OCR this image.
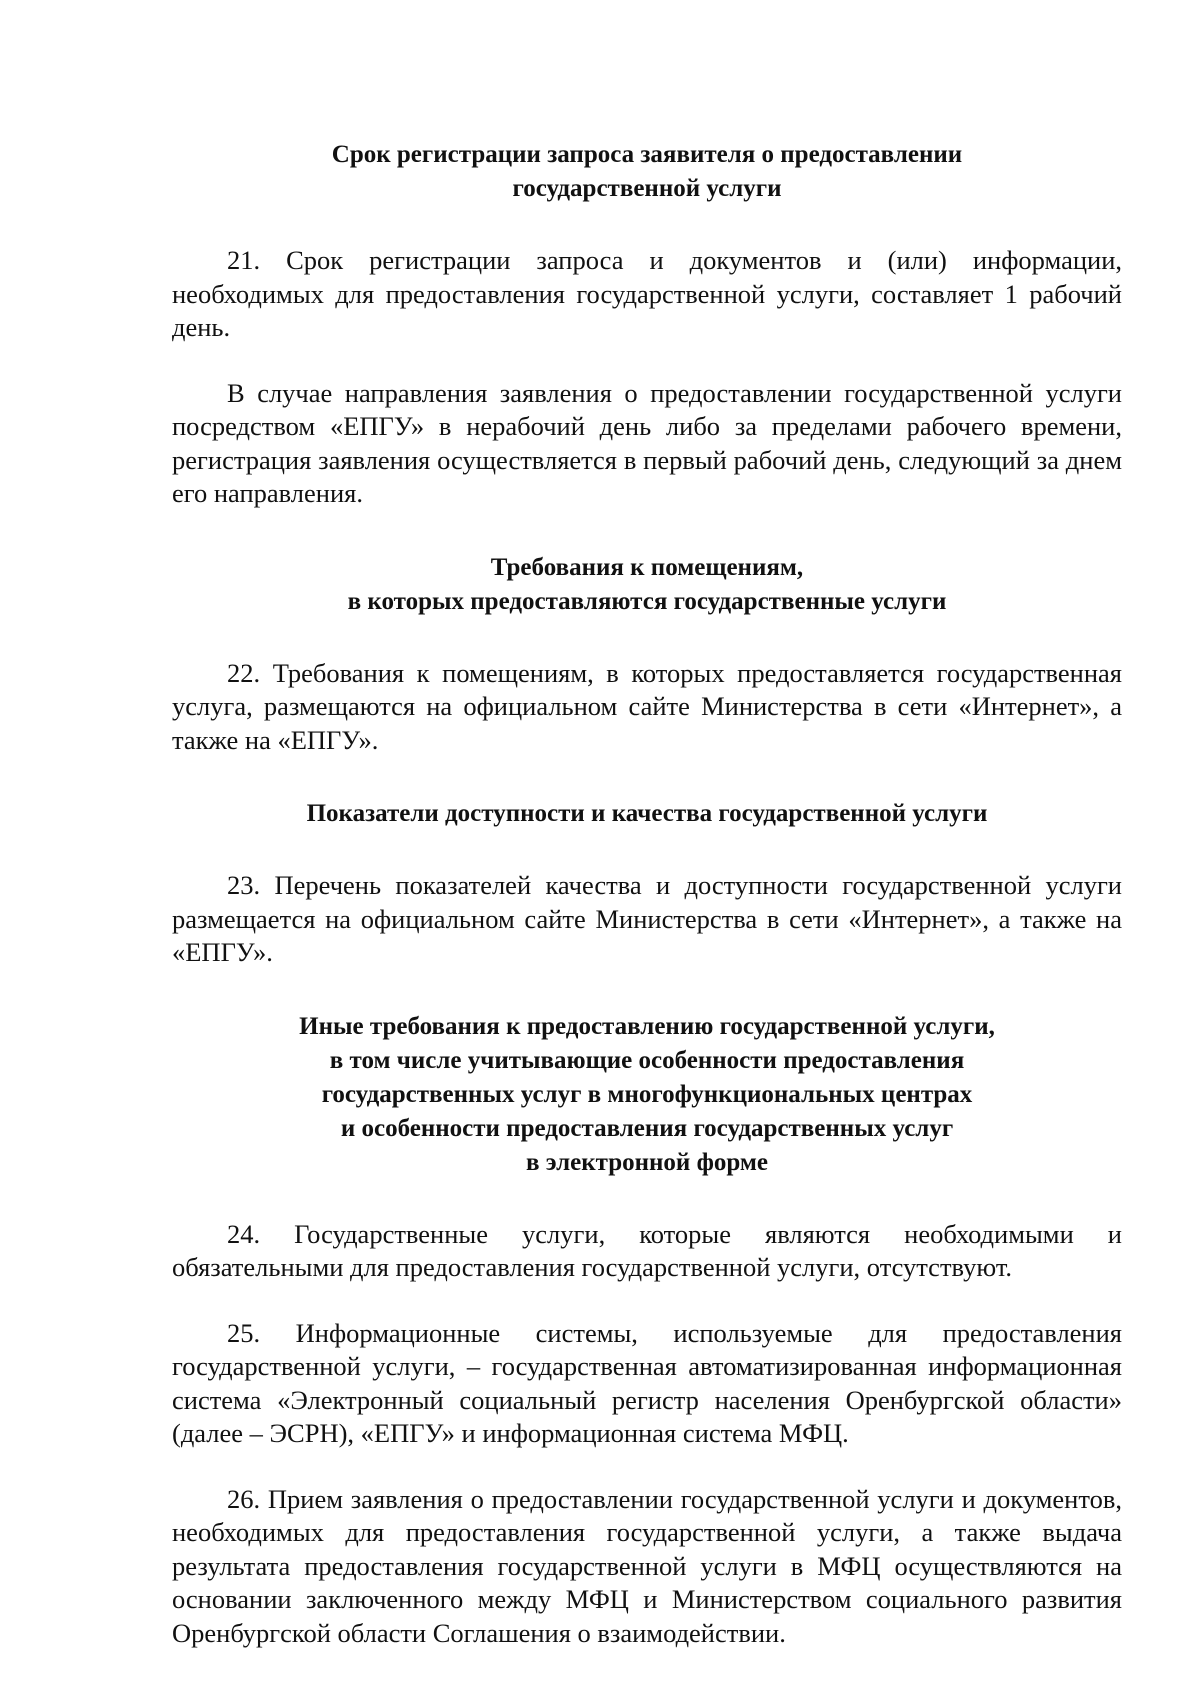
Срок регистрации запроса заявителя о предоставлении
государственной услуги

21. Срок регистрации запроса и документов и (или) информации, необходимых для предоставления государственной услуги, составляет 1 рабочий день.

В случае направления заявления о предоставлении государственной услуги посредством «ЕПГУ» в нерабочий день либо за пределами рабочего времени, регистрация заявления осуществляется в первый рабочий день, следующий за днем его направления.

Требования к помещениям,
в которых предоставляются государственные услуги

22. Требования к помещениям, в которых предоставляется государственная услуга, размещаются на официальном сайте Министерства в сети «Интернет», а также на «ЕПГУ».

Показатели доступности и качества государственной услуги

23. Перечень показателей качества и доступности государственной услуги размещается на официальном сайте Министерства в сети «Интернет», а также на «ЕПГУ».

Иные требования к предоставлению государственной услуги,
в том числе учитывающие особенности предоставления
государственных услуг в многофункциональных центрах
и особенности предоставления государственных услуг
в электронной форме

24. Государственные услуги, которые являются необходимыми и обязательными для предоставления государственной услуги, отсутствуют.

25. Информационные системы, используемые для предоставления государственной услуги, – государственная автоматизированная информационная система «Электронный социальный регистр населения Оренбургской области» (далее – ЭСРН), «ЕПГУ» и информационная система МФЦ.

26. Прием заявления о предоставлении государственной услуги и документов, необходимых для предоставления государственной услуги, а также выдача результата предоставления государственной услуги в МФЦ осуществляются на основании заключенного между МФЦ и Министерством социального развития Оренбургской области Соглашения о взаимодействии.
